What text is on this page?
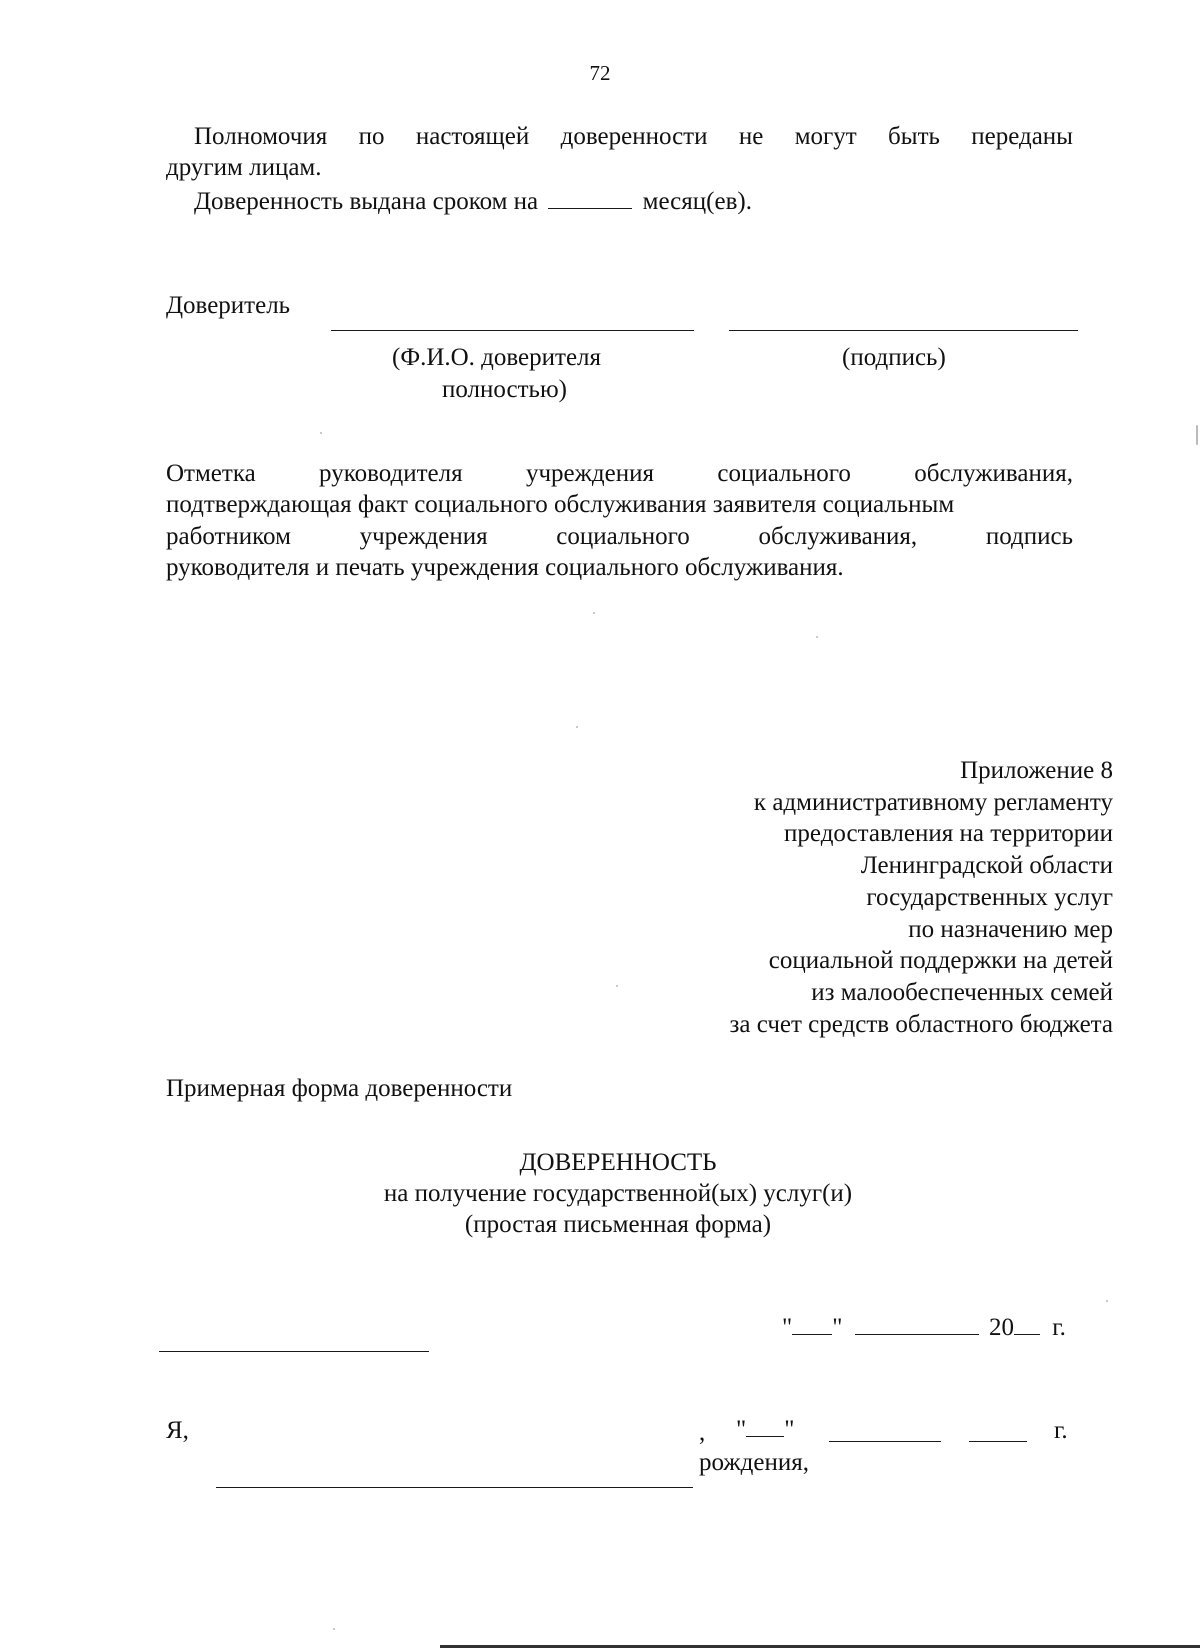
72
Полномочия по настоящей доверенности не могут быть переданы
другим лицам.
Доверенность выдана сроком на	месяц(ев).
Доверитель
(Ф.И.О. доверителя
полностью)
(подпись)
Отметка	руководителя	учреждения	социального	обслуживания,
подтверждающая факт социального обслуживания заявителя социальным
работником	учреждения	социального	обслуживания,	подпись
руководителя и печать учреждения социального обслуживания.
Приложение 8
к административному регламенту
предоставления на территории
Ленинградской области
государственных услуг
по назначению мер
социальной поддержки на детей
из малообеспеченных семей
за счет средств областного бюджета
Примерная форма доверенности
ДОВЕРЕННОСТЬ
на получение государственной(ых) услуг(и)
(простая письменная форма)
" "	20 г.
Я,	, " "	г.
рождения,
